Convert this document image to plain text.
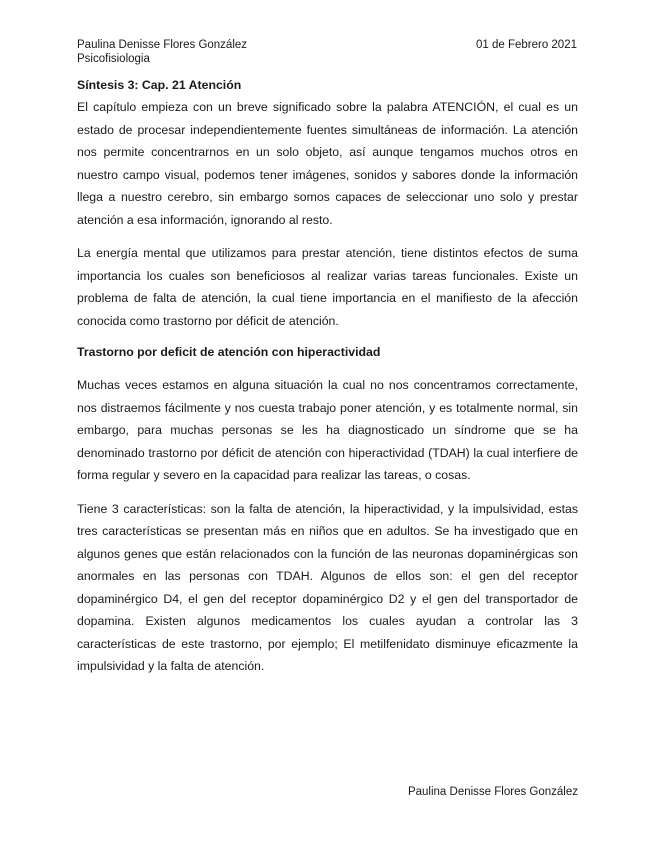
Paulina Denisse Flores González	01 de Febrero 2021
Psicofisiologia

Síntesis 3: Cap. 21 Atención

El capítulo empieza con un breve significado sobre la palabra ATENCIÓN, el cual es un estado de procesar independientemente fuentes simultáneas de información. La atención nos permite concentrarnos en un solo objeto, así aunque tengamos muchos otros en nuestro campo visual, podemos tener imágenes, sonidos y sabores donde la información llega a nuestro cerebro, sin embargo somos capaces de seleccionar uno solo y prestar atención a esa información, ignorando al resto.

La energía mental que utilizamos para prestar atención, tiene distintos efectos de suma importancia los cuales son beneficiosos al realizar varias tareas funcionales. Existe un problema de falta de atención, la cual tiene importancia en el manifiesto de la afección conocida como trastorno por déficit de atención.

Trastorno por deficit de atención con hiperactividad

Muchas veces estamos en alguna situación la cual no nos concentramos correctamente, nos distraemos fácilmente y nos cuesta trabajo poner atención, y es totalmente normal, sin embargo, para muchas personas se les ha diagnosticado un síndrome que se ha denominado trastorno por déficit de atención con hiperactividad (TDAH) la cual interfiere de forma regular y severo en la capacidad para realizar las tareas, o cosas.

Tiene 3 características: son la falta de atención, la hiperactividad, y la impulsividad, estas tres características se presentan más en niños que en adultos. Se ha investigado que en algunos genes que están relacionados con la función de las neuronas dopaminérgicas son anormales en las personas con TDAH. Algunos de ellos son: el gen del receptor dopaminérgico D4, el gen del receptor dopaminérgico D2 y el gen del transportador de dopamina. Existen algunos medicamentos los cuales ayudan a controlar las 3 características de este trastorno, por ejemplo; El metilfenidato disminuye eficazmente la impulsividad y la falta de atención.

Paulina Denisse Flores González
